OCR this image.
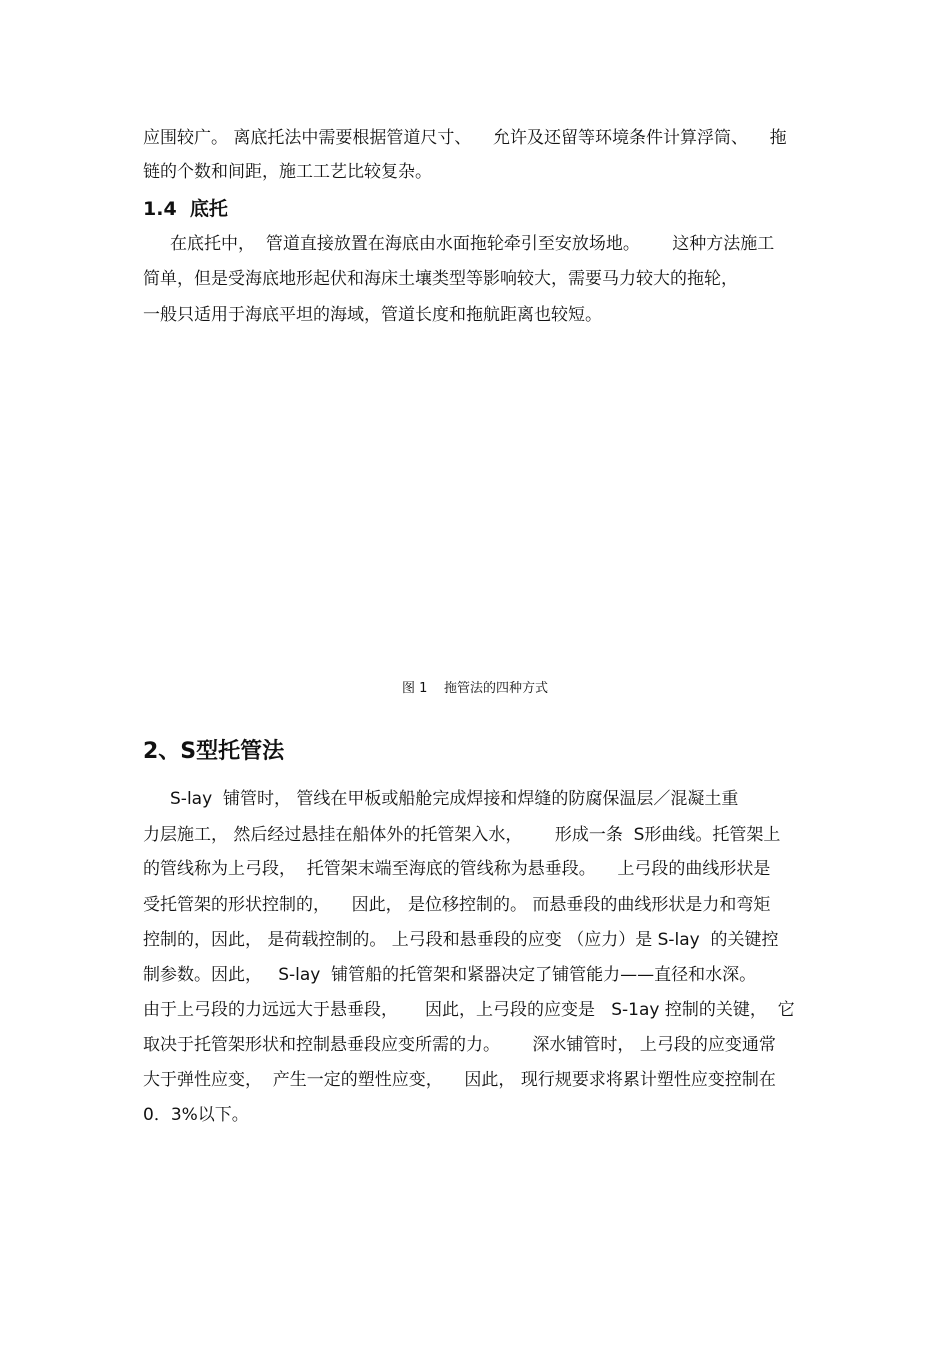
应围较广。 离底托法中需要根据管道尺寸、    允许及还留等环境条件计算浮筒、    拖

链的个数和间距，施工工艺比较复杂。

1.4  底托

在底托中，  管道直接放置在海底由水面拖轮牵引至安放场地。      这种方法施工

简单，但是受海底地形起伏和海床土壤类型等影响较大，需要马力较大的拖轮，

一般只适用于海底平坦的海域，管道长度和拖航距离也较短。

图 1    拖管法的四种方式

2、S型托管法

S-lay  铺管时， 管线在甲板或船舱完成焊接和焊缝的防腐保温层／混凝土重

力层施工， 然后经过悬挂在船体外的托管架入水，      形成一条  S形曲线。托管架上

的管线称为上弓段，  托管架末端至海底的管线称为悬垂段。    上弓段的曲线形状是

受托管架的形状控制的，    因此， 是位移控制的。 而悬垂段的曲线形状是力和弯矩

控制的，因此， 是荷载控制的。 上弓段和悬垂段的应变 （应力）是 S-lay  的关键控

制参数。因此，   S-lay  铺管船的托管架和紧器决定了铺管能力——直径和水深。

由于上弓段的力远远大于悬垂段，     因此，上弓段的应变是   S-1ay 控制的关键，  它

取决于托管架形状和控制悬垂段应变所需的力。      深水铺管时， 上弓段的应变通常

大于弹性应变，  产生一定的塑性应变，    因此， 现行规要求将累计塑性应变控制在

0．3%以下。
